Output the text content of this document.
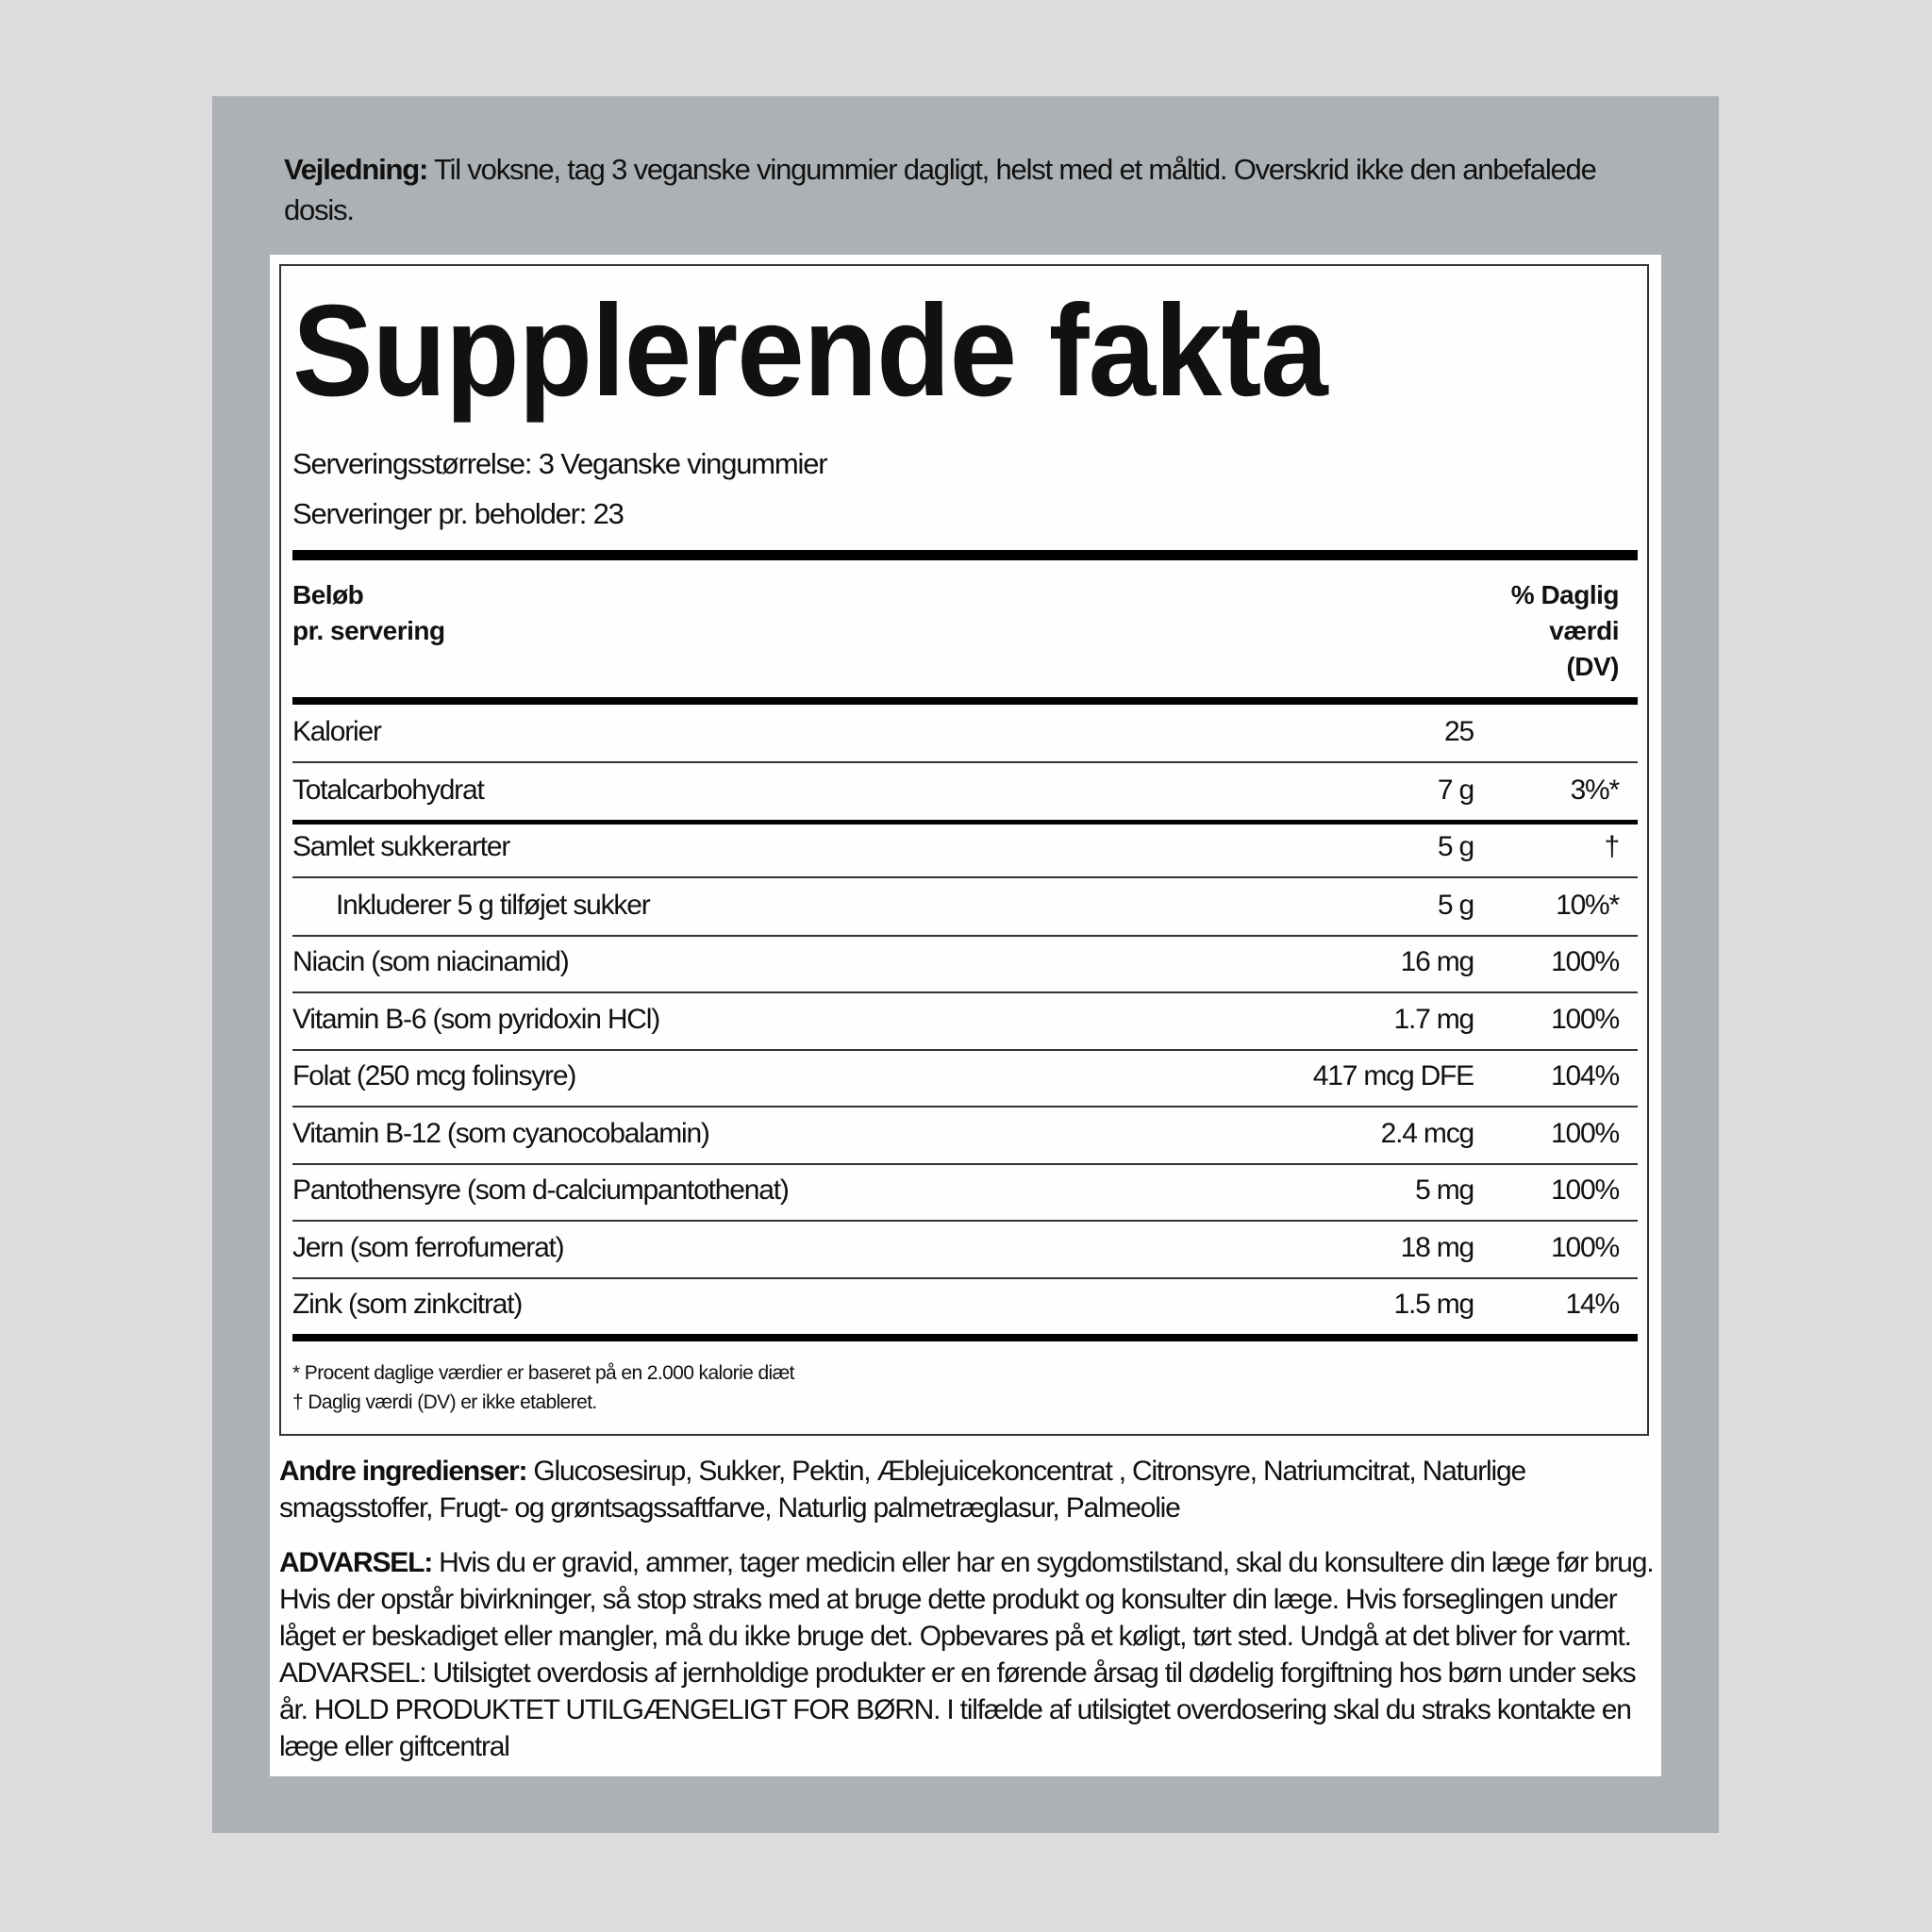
Vejledning: Til voksne, tag 3 veganske vingummier dagligt, helst med et måltid. Overskrid ikke den anbefalede dosis.
Supplerende fakta
Serveringsstørrelse: 3 Veganske vingummier
Serveringer pr. beholder: 23
Beløb
pr. servering
% Daglig
værdi
(DV)
Kalorier	25
Totalcarbohydrat	7 g	3%*
Samlet sukkerarter	5 g	†
Inkluderer 5 g tilføjet sukker	5 g	10%*
Niacin (som niacinamid)	16 mg	100%
Vitamin B-6 (som pyridoxin HCl)	1.7 mg	100%
Folat (250 mcg folinsyre)	417 mcg DFE	104%
Vitamin B-12 (som cyanocobalamin)	2.4 mcg	100%
Pantothensyre (som d-calciumpantothenat)	5 mg	100%
Jern (som ferrofumerat)	18 mg	100%
Zink (som zinkcitrat)	1.5 mg	14%
* Procent daglige værdier er baseret på en 2.000 kalorie diæt
† Daglig værdi (DV) er ikke etableret.
Andre ingredienser: Glucosesirup, Sukker, Pektin, Æblejuicekoncentrat , Citronsyre, Natriumcitrat, Naturlige smagsstoffer, Frugt- og grøntsagssaftfarve, Naturlig palmetræglasur, Palmeolie
ADVARSEL: Hvis du er gravid, ammer, tager medicin eller har en sygdomstilstand, skal du konsultere din læge før brug. Hvis der opstår bivirkninger, så stop straks med at bruge dette produkt og konsulter din læge. Hvis forseglingen under låget er beskadiget eller mangler, må du ikke bruge det. Opbevares på et køligt, tørt sted. Undgå at det bliver for varmt. ADVARSEL: Utilsigtet overdosis af jernholdige produkter er en førende årsag til dødelig forgiftning hos børn under seks år. HOLD PRODUKTET UTILGÆNGELIGT FOR BØRN. I tilfælde af utilsigtet overdosering skal du straks kontakte en læge eller giftcentral
